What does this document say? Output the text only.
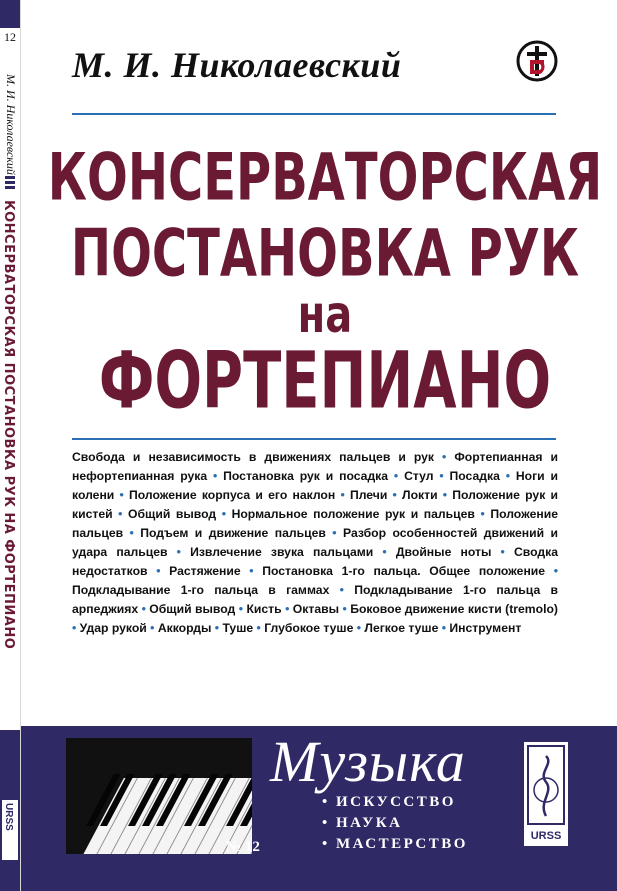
12
М. И. Николаевский
КОНСЕРВАТОРСКАЯ ПОСТАНОВКА РУК НА ФОРТЕПИАНО
URSS
М. И. Николаевский
КОНСЕРВАТОРСКАЯ
ПОСТАНОВКА РУК
на
ФОРТЕПИАНО
Свобода и независимость в движениях пальцев и рук • Фортепианная и нефортепианная рука • Постановка рук и посадка • Стул • Посадка • Ноги и колени • Положение корпуса и его наклон • Плечи • Локти • Положение рук и кистей • Общий вывод • Нормальное положение рук и пальцев • Положение пальцев • Подъем и движение пальцев • Разбор особенностей движений и удара пальцев • Извлечение звука пальцами • Двойные ноты • Сводка недостатков • Растяжение • Постановка 1-го пальца. Общее положение • Подкладывание 1-го пальца в гаммах • Подкладывание 1-го пальца в арпеджиях • Общий вывод • Кисть • Октавы • Боковое движение кисти (tremolo) • Удар рукой • Аккорды • Туше • Глубокое туше • Легкое туше • Инструмент
Музыка
• ИСКУССТВО
• НАУКА
• МАСТЕРСТВО
№ 12
URSS
